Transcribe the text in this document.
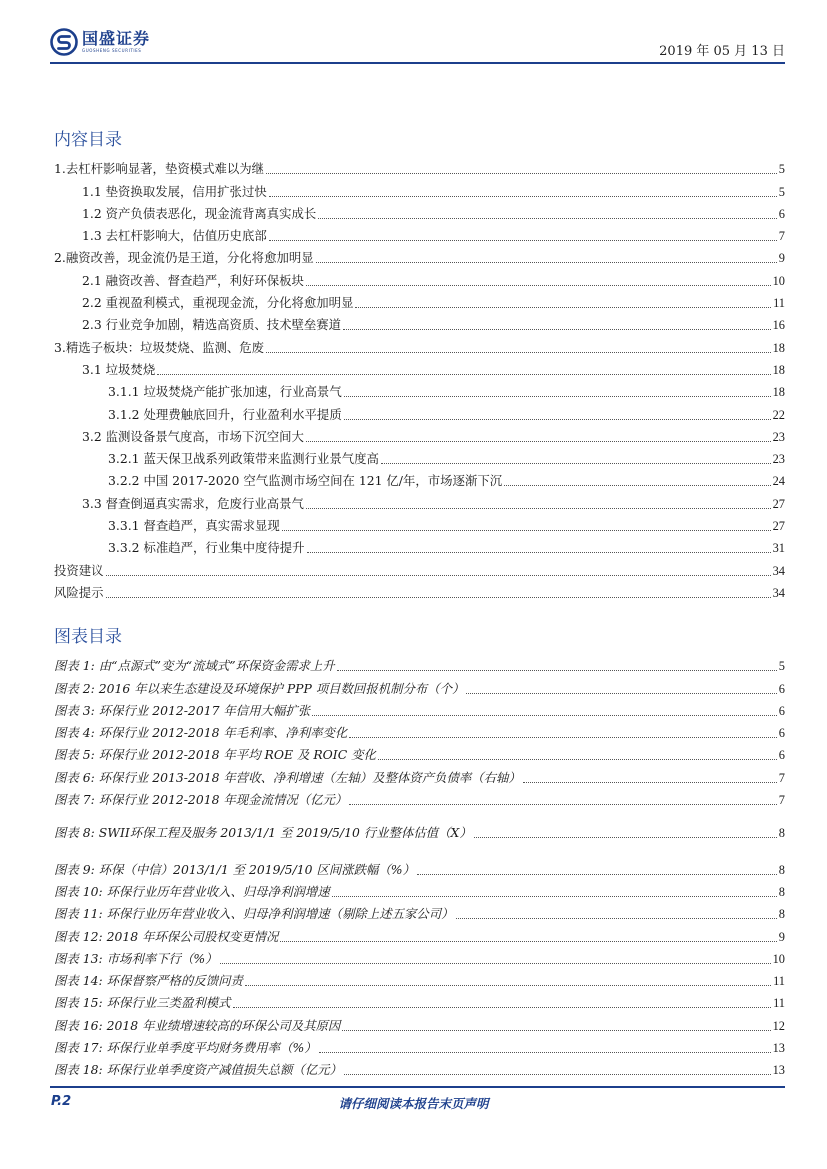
国盛证券
GUOSHENG SECURITIES	2019 年 05 月 13 日
内容目录
1.去杠杆影响显著，垫资模式难以为继	5
1.1 垫资换取发展，信用扩张过快	5
1.2 资产负债表恶化，现金流背离真实成长	6
1.3 去杠杆影响大，估值历史底部	7
2.融资改善，现金流仍是王道，分化将愈加明显	9
2.1 融资改善、督查趋严，利好环保板块	10
2.2 重视盈利模式，重视现金流，分化将愈加明显	11
2.3 行业竞争加剧，精选高资质、技术壁垒赛道	16
3.精选子板块：垃圾焚烧、监测、危废	18
3.1 垃圾焚烧	18
3.1.1 垃圾焚烧产能扩张加速，行业高景气	18
3.1.2 处理费触底回升，行业盈利水平提质	22
3.2 监测设备景气度高，市场下沉空间大	23
3.2.1 蓝天保卫战系列政策带来监测行业景气度高	23
3.2.2 中国 2017-2020 空气监测市场空间在 121 亿/年，市场逐渐下沉	24
3.3 督查倒逼真实需求，危废行业高景气	27
3.3.1 督查趋严，真实需求显现	27
3.3.2 标准趋严，行业集中度待提升	31
投资建议	34
风险提示	34
图表目录
图表 1: 由“点源式”变为“流域式”环保资金需求上升	5
图表 2: 2016 年以来生态建设及环境保护 PPP 项目数回报机制分布（个）	6
图表 3: 环保行业 2012-2017 年信用大幅扩张	6
图表 4: 环保行业 2012-2018 年毛利率、净利率变化	6
图表 5: 环保行业 2012-2018 年平均 ROE 及 ROIC 变化	6
图表 6: 环保行业 2013-2018 年营收、净利增速（左轴）及整体资产负债率（右轴）	7
图表 7: 环保行业 2012-2018 年现金流情况（亿元）	7
图表 8: SWII环保工程及服务 2013/1/1 至 2019/5/10 行业整体估值（X）	8
图表 9: 环保（中信）2013/1/1 至 2019/5/10 区间涨跌幅（%）	8
图表 10: 环保行业历年营业收入、归母净利润增速	8
图表 11: 环保行业历年营业收入、归母净利润增速（剔除上述五家公司）	8
图表 12: 2018 年环保公司股权变更情况	9
图表 13: 市场利率下行（%）	10
图表 14: 环保督察严格的反馈问责	11
图表 15: 环保行业三类盈利模式	11
图表 16: 2018 年业绩增速较高的环保公司及其原因	12
图表 17: 环保行业单季度平均财务费用率（%）	13
图表 18: 环保行业单季度资产减值损失总额（亿元）	13
P.2	请仔细阅读本报告末页声明
